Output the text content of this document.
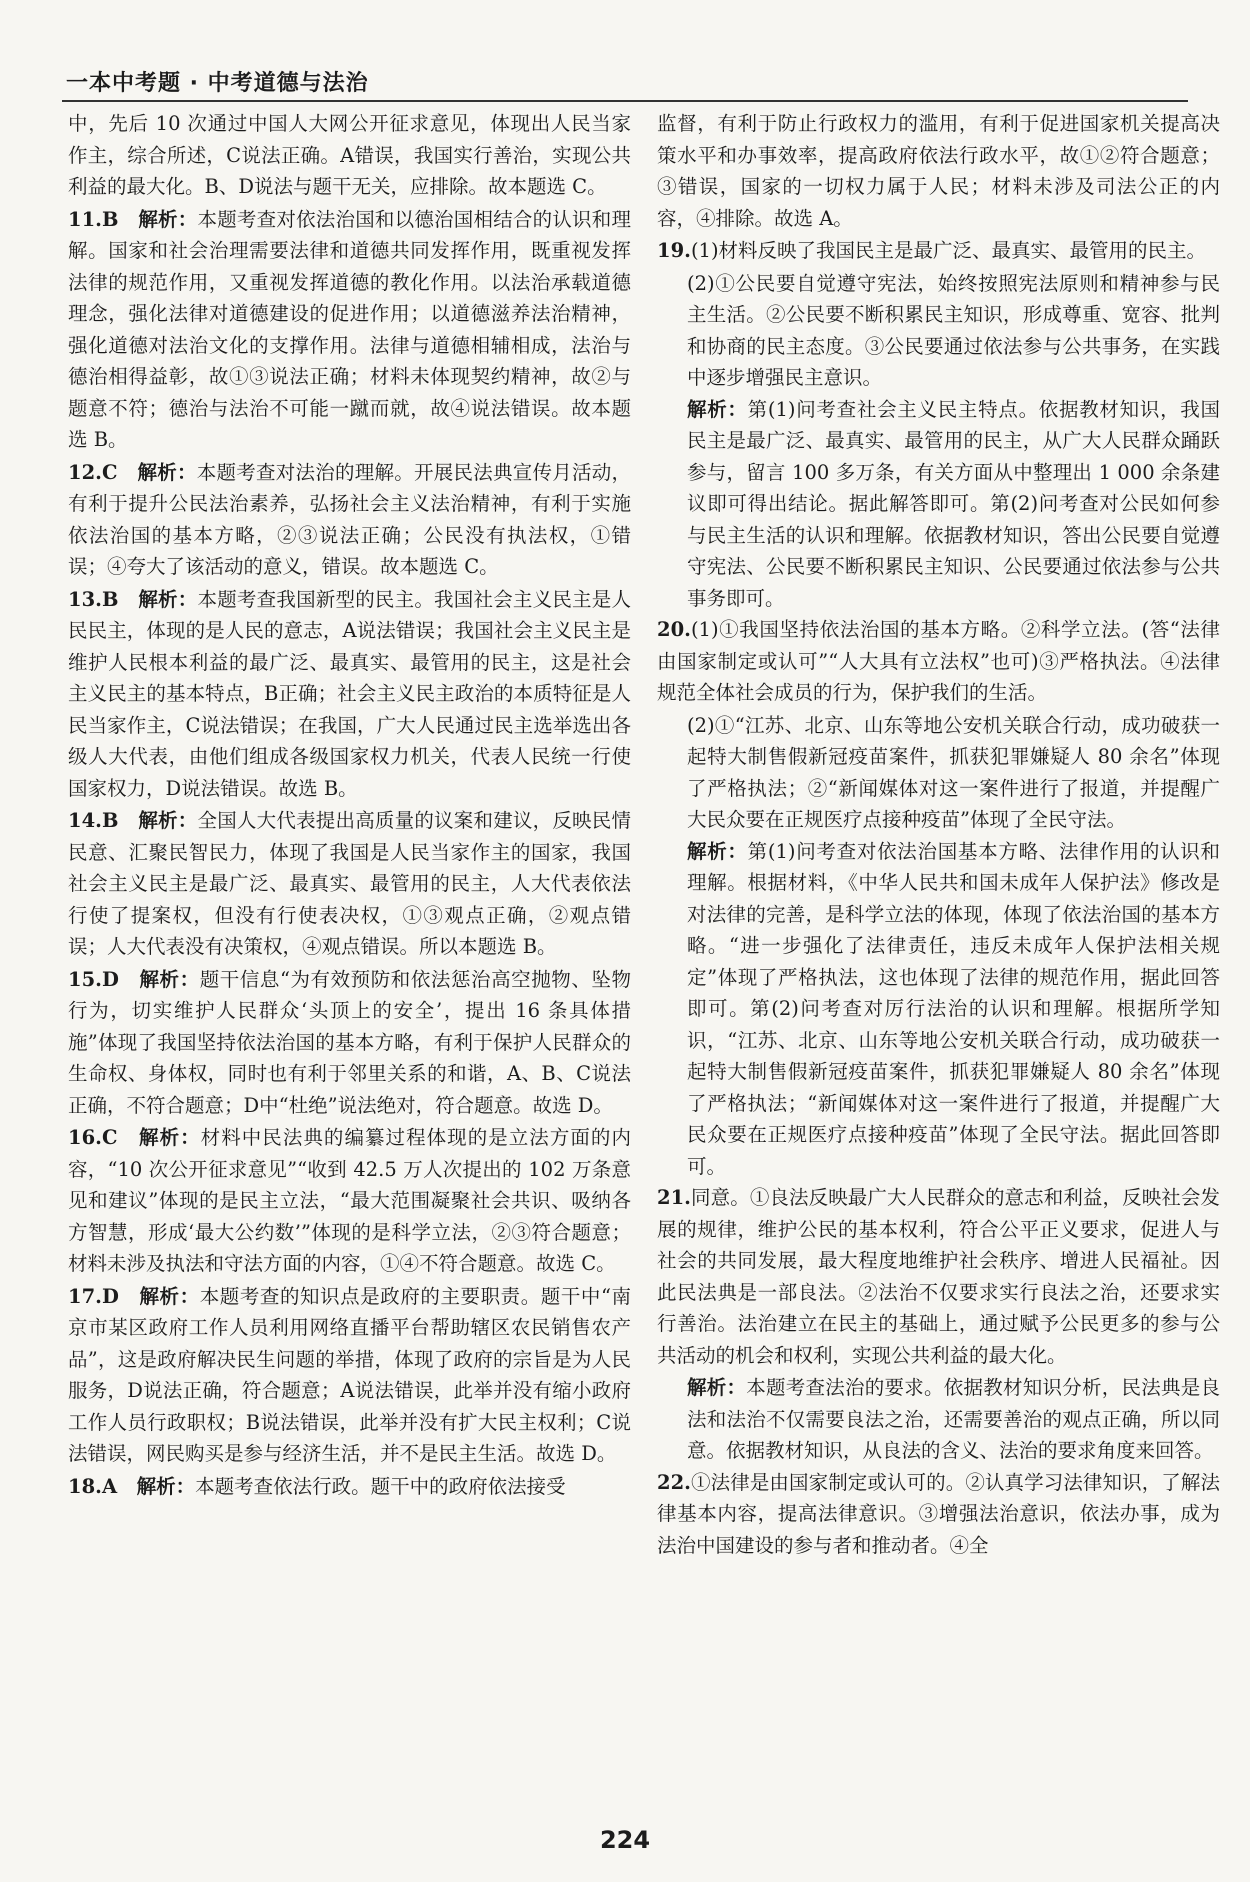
一本中考题 · 中考道德与法治

中，先后 10 次通过中国人大网公开征求意见，体现出人民当家作主，综合所述，C说法正确。A错误，我国实行善治，实现公共利益的最大化。B、D说法与题干无关，应排除。故本题选 C。

11.B　解析：本题考查对依法治国和以德治国相结合的认识和理解。国家和社会治理需要法律和道德共同发挥作用，既重视发挥法律的规范作用，又重视发挥道德的教化作用。以法治承载道德理念，强化法律对道德建设的促进作用；以道德滋养法治精神，强化道德对法治文化的支撑作用。法律与道德相辅相成，法治与德治相得益彰，故①③说法正确；材料未体现契约精神，故②与题意不符；德治与法治不可能一蹴而就，故④说法错误。故本题选 B。

12.C　解析：本题考查对法治的理解。开展民法典宣传月活动，有利于提升公民法治素养，弘扬社会主义法治精神，有利于实施依法治国的基本方略，②③说法正确；公民没有执法权，①错误；④夸大了该活动的意义，错误。故本题选 C。

13.B　解析：本题考查我国新型的民主。我国社会主义民主是人民民主，体现的是人民的意志，A说法错误；我国社会主义民主是维护人民根本利益的最广泛、最真实、最管用的民主，这是社会主义民主的基本特点，B正确；社会主义民主政治的本质特征是人民当家作主，C说法错误；在我国，广大人民通过民主选举选出各级人大代表，由他们组成各级国家权力机关，代表人民统一行使国家权力，D说法错误。故选 B。

14.B　解析：全国人大代表提出高质量的议案和建议，反映民情民意、汇聚民智民力，体现了我国是人民当家作主的国家，我国社会主义民主是最广泛、最真实、最管用的民主，人大代表依法行使了提案权，但没有行使表决权，①③观点正确，②观点错误；人大代表没有决策权，④观点错误。所以本题选 B。

15.D　解析：题干信息“为有效预防和依法惩治高空抛物、坠物行为，切实维护人民群众‘头顶上的安全’，提出 16 条具体措施”体现了我国坚持依法治国的基本方略，有利于保护人民群众的生命权、身体权，同时也有利于邻里关系的和谐，A、B、C说法正确，不符合题意；D中“杜绝”说法绝对，符合题意。故选 D。

16.C　解析：材料中民法典的编纂过程体现的是立法方面的内容，“10 次公开征求意见”“收到 42.5 万人次提出的 102 万条意见和建议”体现的是民主立法，“最大范围凝聚社会共识、吸纳各方智慧，形成‘最大公约数’”体现的是科学立法，②③符合题意；材料未涉及执法和守法方面的内容，①④不符合题意。故选 C。

17.D　解析：本题考查的知识点是政府的主要职责。题干中“南京市某区政府工作人员利用网络直播平台帮助辖区农民销售农产品”，这是政府解决民生问题的举措，体现了政府的宗旨是为人民服务，D说法正确，符合题意；A说法错误，此举并没有缩小政府工作人员行政职权；B说法错误，此举并没有扩大民主权利；C说法错误，网民购买是参与经济生活，并不是民主生活。故选 D。

18.A　解析：本题考查依法行政。题干中的政府依法接受

监督，有利于防止行政权力的滥用，有利于促进国家机关提高决策水平和办事效率，提高政府依法行政水平，故①②符合题意；③错误，国家的一切权力属于人民；材料未涉及司法公正的内容，④排除。故选 A。

19.(1)材料反映了我国民主是最广泛、最真实、最管用的民主。

(2)①公民要自觉遵守宪法，始终按照宪法原则和精神参与民主生活。②公民要不断积累民主知识，形成尊重、宽容、批判和协商的民主态度。③公民要通过依法参与公共事务，在实践中逐步增强民主意识。

解析：第(1)问考查社会主义民主特点。依据教材知识，我国民主是最广泛、最真实、最管用的民主，从广大人民群众踊跃参与，留言 100 多万条，有关方面从中整理出 1 000 余条建议即可得出结论。据此解答即可。第(2)问考查对公民如何参与民主生活的认识和理解。依据教材知识，答出公民要自觉遵守宪法、公民要不断积累民主知识、公民要通过依法参与公共事务即可。

20.(1)①我国坚持依法治国的基本方略。②科学立法。(答“法律由国家制定或认可”“人大具有立法权”也可)③严格执法。④法律规范全体社会成员的行为，保护我们的生活。

(2)①“江苏、北京、山东等地公安机关联合行动，成功破获一起特大制售假新冠疫苗案件，抓获犯罪嫌疑人 80 余名”体现了严格执法；②“新闻媒体对这一案件进行了报道，并提醒广大民众要在正规医疗点接种疫苗”体现了全民守法。

解析：第(1)问考查对依法治国基本方略、法律作用的认识和理解。根据材料，《中华人民共和国未成年人保护法》修改是对法律的完善，是科学立法的体现，体现了依法治国的基本方略。“进一步强化了法律责任，违反未成年人保护法相关规定”体现了严格执法，这也体现了法律的规范作用，据此回答即可。第(2)问考查对厉行法治的认识和理解。根据所学知识，“江苏、北京、山东等地公安机关联合行动，成功破获一起特大制售假新冠疫苗案件，抓获犯罪嫌疑人 80 余名”体现了严格执法；“新闻媒体对这一案件进行了报道，并提醒广大民众要在正规医疗点接种疫苗”体现了全民守法。据此回答即可。

21.同意。①良法反映最广大人民群众的意志和利益，反映社会发展的规律，维护公民的基本权利，符合公平正义要求，促进人与社会的共同发展，最大程度地维护社会秩序、增进人民福祉。因此民法典是一部良法。②法治不仅要求实行良法之治，还要求实行善治。法治建立在民主的基础上，通过赋予公民更多的参与公共活动的机会和权利，实现公共利益的最大化。

解析：本题考查法治的要求。依据教材知识分析，民法典是良法和法治不仅需要良法之治，还需要善治的观点正确，所以同意。依据教材知识，从良法的含义、法治的要求角度来回答。

22.①法律是由国家制定或认可的。②认真学习法律知识，了解法律基本内容，提高法律意识。③增强法治意识，依法办事，成为法治中国建设的参与者和推动者。④全

224
